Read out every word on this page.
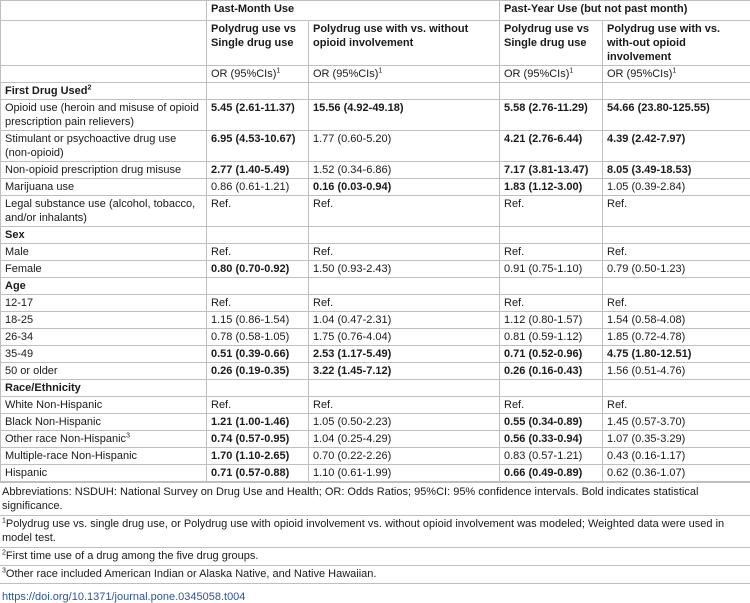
	Past-Month Use		Past-Year Use (but not past month)	
	Polydrug use vs Single drug use	Polydrug use with vs. without opioid involvement	Polydrug use vs Single drug use	Polydrug use with vs. with-out opioid involvement
	OR $(95\%CIs)^1$	OR $(95\%CIs)^1$	OR $(95\%CIs)^1$	OR $(95\%CIs)^1$
First Drug Used$^2$				
Opioid use (heroin and misuse of opioid prescription pain relievers)	5.45 (2.61-11.37)	15.56 (4.92-49.18)	5.58 (2.76-11.29)	54.66 (23.80-125.55)
Stimulant or psychoactive drug use (non-opioid)	6.95 (4.53-10.67)	1.77 (0.60-5.20)	4.21 (2.76-6.44)	4.39 (2.42-7.97)
Non-opioid prescription drug misuse	2.77 (1.40-5.49)	1.52 (0.34-6.86)	7.17 (3.81-13.47)	8.05 (3.49-18.53)
Marijuana use	0.86 (0.61-1.21)	0.16 (0.03-0.94)	1.83 (1.12-3.00)	1.05 (0.39-2.84)
Legal substance use (alcohol, tobacco, and/or inhalants)	Ref.	Ref.	Ref.	Ref.
Sex				
Male	Ref.	Ref.	Ref.	Ref.
Female	0.80 (0.70-0.92)	1.50 (0.93-2.43)	0.91 (0.75-1.10)	0.79 (0.50-1.23)
Age				
12-17	Ref.	Ref.	Ref.	Ref.
18-25	1.15 (0.86-1.54)	1.04 (0.47-2.31)	1.12 (0.80-1.57)	1.54 (0.58-4.08)
26-34	0.78 (0.58-1.05)	1.75 (0.76-4.04)	0.81 (0.59-1.12)	1.85 (0.72-4.78)
35-49	0.51 (0.39-0.66)	2.53 (1.17-5.49)	0.71 (0.52-0.96)	4.75 (1.80-12.51)
50 or older	0.26 (0.19-0.35)	3.22 (1.45-7.12)	0.26 (0.16-0.43)	1.56 (0.51-4.76)
Race/Ethnicity				
White Non-Hispanic	Ref.	Ref.	Ref.	Ref.
Black Non-Hispanic	1.21 (1.00-1.46)	1.05 (0.50-2.23)	0.55 (0.34-0.89)	1.45 (0.57-3.70)
Other race Non-Hispanic$^3$	0.74 (0.57-0.95)	1.04 (0.25-4.29)	0.56 (0.33-0.94)	1.07 (0.35-3.29)
Multiple-race Non-Hispanic	1.70 (1.10-2.65)	0.70 (0.22-2.26)	0.83 (0.57-1.21)	0.43 (0.16-1.17)
Hispanic	0.71 (0.57-0.88)	1.10 (0.61-1.99)	0.66 (0.49-0.89)	0.62 (0.36-1.07)
Abbreviations: NSDUH: National Survey on Drug Use and Health; OR: Odds Ratios; 95%CI: 95% confidence intervals. Bold indicates statistical significance.
$^1$Polydrug use vs. single drug use, or Polydrug use with opioid involvement vs. without opioid involvement was modeled; Weighted data were used in model test.
$^2$First time use of a drug among the five drug groups.
$^3$Other race included American Indian or Alaska Native, and Native Hawaiian.
https://doi.org/10.1371/journal.pone.0345058.t004
